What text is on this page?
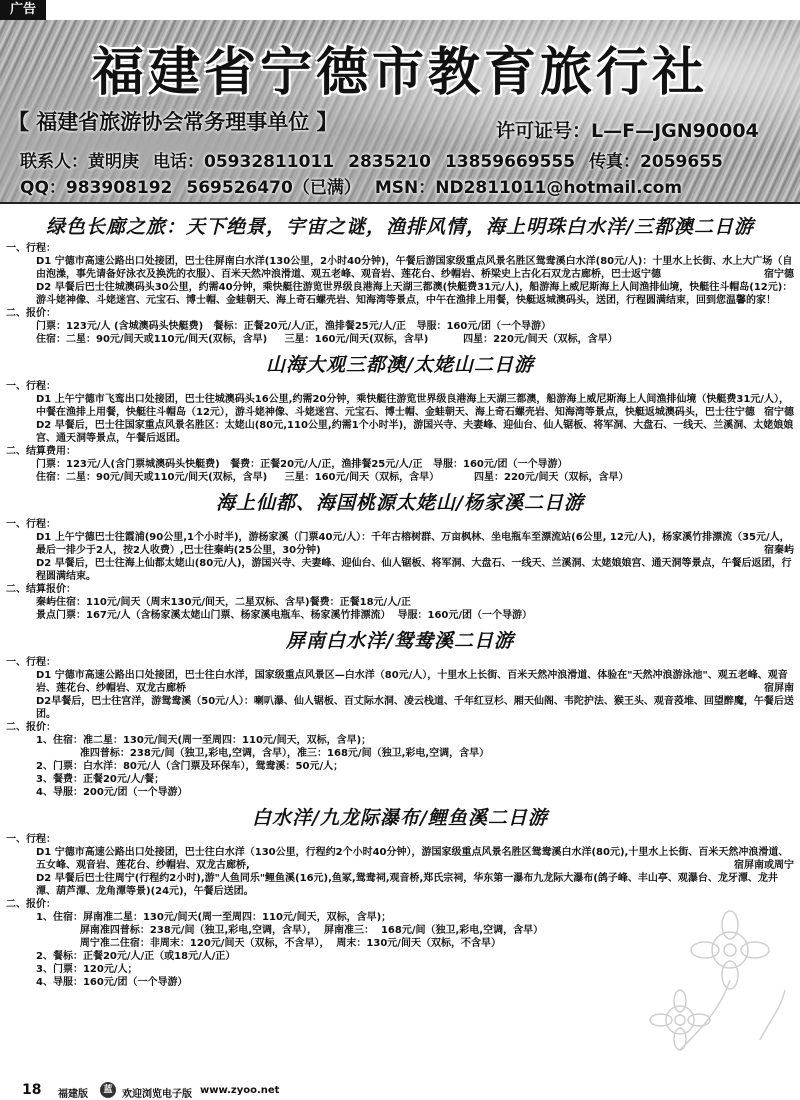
广告
福建省宁德市教育旅行社
【 福建省旅游协会常务理事单位 】	许可证号：L—F—JGN90004
联系人：黄明庚 电话：05932811011 2835210 13859669555 传真：2059655
QQ：983908192 569526470（已满） MSN：ND2811011@hotmail.com
绿色长廊之旅：天下绝景，宇宙之谜，渔排风情，海上明珠白水洋/三都澳二日游

一、行程：

D1 宁德市高速公路出口处接团，巴士往屏南白水洋(130公里，2小时40分钟)，午餐后游国家级重点风景名胜区鸳鸯溪白水洋(80元/人)：十里水上长街、水上大广场（自由泡澡，事先请备好泳衣及换洗的衣服）、百米天然冲浪滑道、观五老峰、观音岩、莲花台、纱帽岩、桥梁史上古化石双龙古廊桥，巴士返宁德	宿宁德

D2 早餐后巴士往城澳码头30公里，约需40分钟，乘快艇往游览世界级良港海上天湖三都澳(快艇费31元/人)，船游海上威尼斯海上人间渔排仙境，快艇往斗帽岛(12元)：游斗姥神像、斗姥迷宫、元宝石、博士帽、金蛙朝天、海上奇石螺壳岩、知海湾等景点，中午在渔排上用餐，快艇返城澳码头，送团，行程圆满结束，回到您温馨的家！

二、报价：

门票：123元/人 (含城澳码头快艇费)   餐标：正餐20元/人/正，渔排餐25元/人/正   导服：160元/团（一个导游）

住宿：二星：90元/间天或110元/间天(双标，含早)     三星：160元/间天(双标，含早)          四星：220元/间天（双标，含早）

山海大观三都澳/太姥山二日游

一、行程：

D1 上午宁德市飞鸾出口处接团，巴士往城澳码头16公里,约需20分钟，乘快艇往游览世界级良港海上天湖三都澳，船游海上威尼斯海上人间渔排仙境（快艇费31元/人）， 中餐在渔排上用餐，快艇往斗帽岛（12元），游斗姥神像、斗姥迷宫、元宝石、博士帽、金蛙朝天、海上奇石螺壳岩、知海湾等景点，快艇返城澳码头，巴士往宁德 宿宁德

D2 早餐后，巴士往国家重点风景名胜区：太姥山(80元,110公里,约需1个小时半)，游国兴寺、夫妻峰、迎仙台、仙人锯板、将军洞、大盘石、一线天、兰溪洞、太姥娘娘宫、通天洞等景点，午餐后返团。

二、结算费用：

门票：123元/人(含门票城澳码头快艇费)   餐费：正餐20元/人/正，渔排餐25元/人/正   导服：160元/团（一个导游）

住宿：二星：90元/间天或110元/间天(双标，含早)     三星：160元/间天（双标，含早）          四星：220元/间天（双标，含早）

海上仙都、海国桃源太姥山/杨家溪二日游

一、行程：

D1 上午宁德巴士往霞浦(90公里,1个小时半)，游杨家溪（门票40元/人）：千年古榕树群、万亩枫林、坐电瓶车至漂流站(6公里, 12元/人)，杨家溪竹排漂流（35元/人，最后一排少于2人，按2人收费）,巴士往秦屿(25公里，30分钟)	宿秦屿

D2 早餐后，巴士往海上仙都太姥山(80元/人)，游国兴寺、夫妻峰、迎仙台、仙人锯板、将军洞、大盘石、一线天、兰溪洞、太姥娘娘宫、通天洞等景点，午餐后返团，行程圆满结束。

二、结算报价：

秦屿住宿：110元/间天（周末130元/间天，二星双标、含早)餐费：正餐18元/人/正

景点门票：167元/人（含杨家溪太姥山门票、杨家溪电瓶车、杨家溪竹排漂流）  导服：160元/团（一个导游）

屏南白水洋/鸳鸯溪二日游

一、行程：

D1 宁德市高速公路出口处接团，巴士往白水洋，国家级重点风景区—白水洋（80元/人），十里水上长街、百米天然冲浪滑道、体验在"天然冲浪游泳池"、观五老峰、观音岩、莲花台、纱帽岩、双龙古廊桥	宿屏南

D2早餐后，巴士往宫洋，游鸳鸯溪（50元/人）：喇叭瀑、仙人锯板、百丈际水洞、凌云栈道、千年红豆杉、厢天仙阁、韦陀护法、猴王头、观音莈堆、回望醉魔，午餐后送团。

二、报价：

1、住宿：准二星：130元/间天(周一至周四：110元/间天，双标，含早)；

准四普标：238元/间（独卫,彩电,空调，含早），准三：168元/间（独卫,彩电,空调，含早）

2、门票：白水洋：80元/人（含门票及环保车），鸳鸯溪：50元/人；

3、餐费：正餐20元/人/餐；

4、导服：200元/团（一个导游）

白水洋/九龙际瀑布/鲤鱼溪二日游

一、行程：

D1 宁德市高速公路出口处接团，巴士往白水洋（130公里，行程约2个小时40分钟），游国家级重点风景名胜区鸳鸯溪白水洋(80元),十里水上长街、百米天然冲浪滑道、五女峰、观音岩、莲花台、纱帽岩、双龙古廊桥,	宿屏南或周宁

D2 早餐后巴士往周宁(行程约2小时),游"人鱼同乐"鲤鱼溪(16元),鱼冢,鸳鸯祠,观音桥,郑氏宗祠，华东第一瀑布九龙际大瀑布(鸽子峰、丰山亭、观瀑台、龙牙潭、龙井潭、葫芦潭、龙角潭等景)(24元)，午餐后送团。

二、报价：

1、住宿：屏南准二星：130元/间天(周一至周四：110元/间天，双标，含早)；

屏南准四普标：238元/间（独卫,彩电,空调，含早），  屏南准三：  168元/间（独卫,彩电,空调，含早）

周宁准二住宿：非周末：120元/间天（双标，不含早），  周末：130元/间天（双标，不含早）

2、餐标：正餐20元/人/正（或18元/人/正）

3、门票：120元/人；

4、导服：160元/团（一个导游）

18 福建版	蓝 欢迎浏览电子版 www.zyoo.net
